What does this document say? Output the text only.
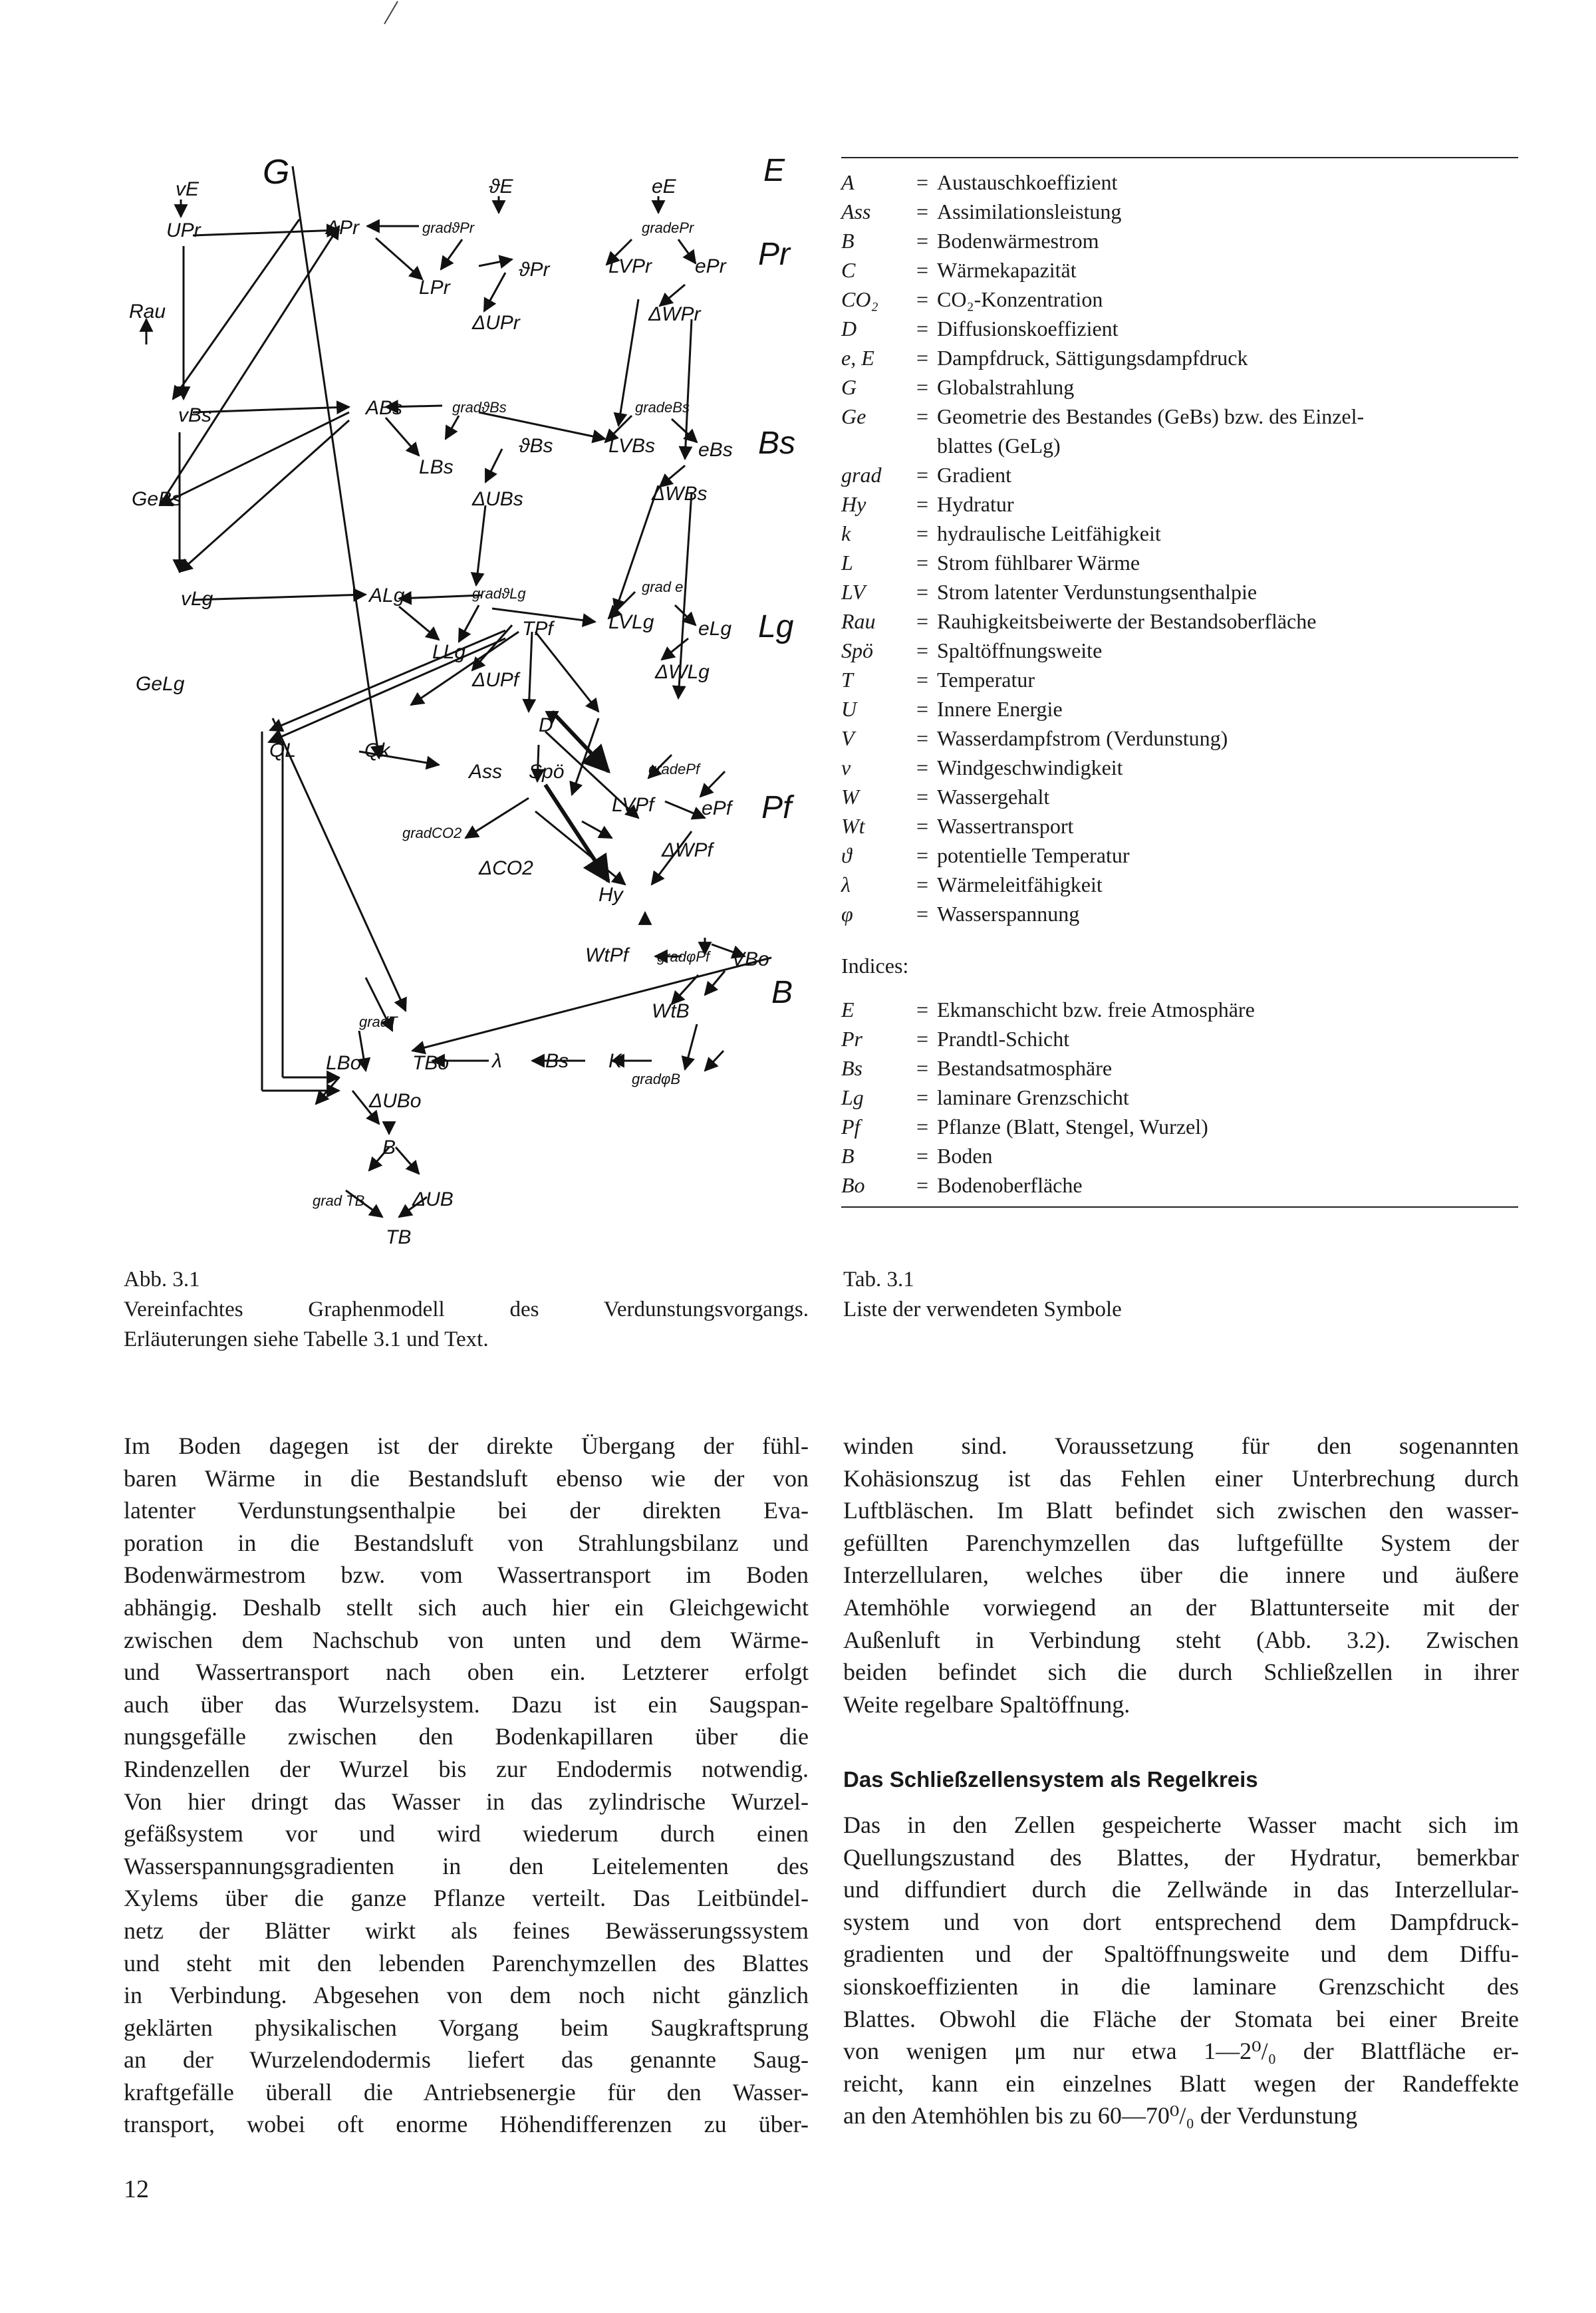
E
Pr
Bs
Lg
Pf
B
G
vE
UPr
Rau
vBs
GeBs
vLg
GeLg
ϑE	eE
APr	gradϑPr	gradePr
ϑPr	LVPr ePr
LPr
ΔUPr	ΔWPr
ABs	gradϑBs	gradeBs
ϑBs	LVBs eBs
LBs
ΔUBs	ΔWBs
ALg	gradϑLg	grad e
TPf	LVLg eLg
LLg
ΔUPf	ΔWLg
QL	Qk
D
Ass Spö	gradePf
LVPf ePf
gradCO2
ΔCO2
ΔWPf
Hy
WtPf gradφPf VBo
WtB
gradT
LBo	TBo λ Bs K
gradφB
ΔUBo
B
grad TB ΔUB
TB
A	= Austauschkoeffizient
Ass	= Assimilationsleistung
B	= Bodenwärmestrom
C	= Wärmekapazität
CO₂	= CO₂-Konzentration
D	= Diffusionskoeffizient
e, E	= Dampfdruck, Sättigungsdampfdruck
G	= Globalstrahlung
Ge	= Geometrie des Bestandes (GeBs) bzw. des Einzel-
blattes (GeLg)
grad	= Gradient
Hy	= Hydratur
k	= hydraulische Leitfähigkeit
L	= Strom fühlbarer Wärme
LV	= Strom latenter Verdunstungsenthalpie
Rau	= Rauhigkeitsbeiwerte der Bestandsoberfläche
Spö	= Spaltöffnungsweite
T	= Temperatur
U	= Innere Energie
V	= Wasserdampfstrom (Verdunstung)
v	= Windgeschwindigkeit
W	= Wassergehalt
Wt	= Wassertransport
ϑ	= potentielle Temperatur
λ	= Wärmeleitfähigkeit
φ	= Wasserspannung
Indices:
E	= Ekmanschicht bzw. freie Atmosphäre
Pr	= Prandtl-Schicht
Bs	= Bestandsatmosphäre
Lg	= laminare Grenzschicht
Pf	= Pflanze (Blatt, Stengel, Wurzel)
B	= Boden
Bo	= Bodenoberfläche
Abb. 3.1
Vereinfachtes Graphenmodell des Verdunstungsvorgangs.
Erläuterungen siehe Tabelle 3.1 und Text.
Tab. 3.1
Liste der verwendeten Symbole
Im Boden dagegen ist der direkte Übergang der fühl-
baren Wärme in die Bestandsluft ebenso wie der von
latenter Verdunstungsenthalpie bei der direkten Eva-
poration in die Bestandsluft von Strahlungsbilanz und
Bodenwärmestrom bzw. vom Wassertransport im Boden
abhängig. Deshalb stellt sich auch hier ein Gleichgewicht
zwischen dem Nachschub von unten und dem Wärme-
und Wassertransport nach oben ein. Letzterer erfolgt
auch über das Wurzelsystem. Dazu ist ein Saugspan-
nungsgefälle zwischen den Bodenkapillaren über die
Rindenzellen der Wurzel bis zur Endodermis notwendig.
Von hier dringt das Wasser in das zylindrische Wurzel-
gefäßsystem vor und wird wiederum durch einen
Wasserspannungsgradienten in den Leitelementen des
Xylems über die ganze Pflanze verteilt. Das Leitbündel-
netz der Blätter wirkt als feines Bewässerungssystem
und steht mit den lebenden Parenchymzellen des Blattes
in Verbindung. Abgesehen von dem noch nicht gänzlich
geklärten physikalischen Vorgang beim Saugkraftsprung
an der Wurzelendodermis liefert das genannte Saug-
kraftgefälle überall die Antriebsenergie für den Wasser-
transport, wobei oft enorme Höhendifferenzen zu über-
winden sind. Voraussetzung für den sogenannten
Kohäsionszug ist das Fehlen einer Unterbrechung durch
Luftbläschen. Im Blatt befindet sich zwischen den wasser-
gefüllten Parenchymzellen das luftgefüllte System der
Interzellularen, welches über die innere und äußere
Atemhöhle vorwiegend an der Blattunterseite mit der
Außenluft in Verbindung steht (Abb. 3.2). Zwischen
beiden befindet sich die durch Schließzellen in ihrer
Weite regelbare Spaltöffnung.
Das Schließzellensystem als Regelkreis
Das in den Zellen gespeicherte Wasser macht sich im
Quellungszustand des Blattes, der Hydratur, bemerkbar
und diffundiert durch die Zellwände in das Interzellular-
system und von dort entsprechend dem Dampfdruck-
gradienten und der Spaltöffnungsweite und dem Diffu-
sionskoeffizienten in die laminare Grenzschicht des
Blattes. Obwohl die Fläche der Stomata bei einer Breite
von wenigen μm nur etwa 1—2⁰/₀ der Blattfläche er-
reicht, kann ein einzelnes Blatt wegen der Randeffekte
an den Atemhöhlen bis zu 60—70⁰/₀ der Verdunstung
12
